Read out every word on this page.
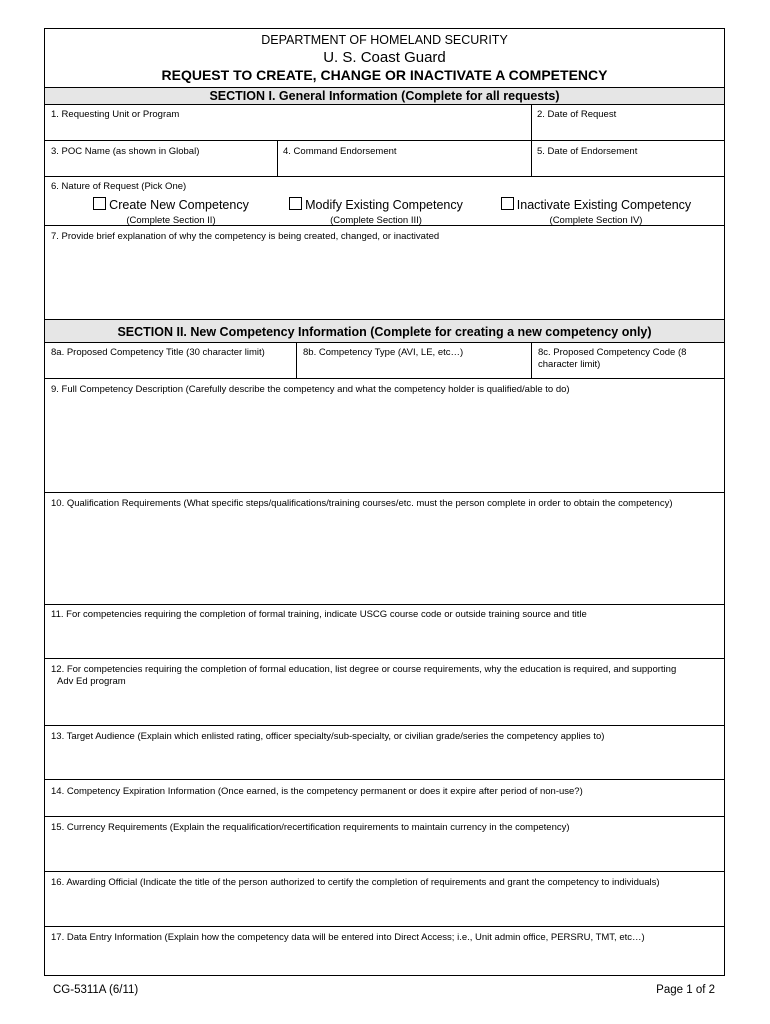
DEPARTMENT OF HOMELAND SECURITY
U. S. Coast Guard
REQUEST TO CREATE, CHANGE OR INACTIVATE A COMPETENCY
SECTION I. General Information (Complete for all requests)
1. Requesting Unit or Program	2. Date of Request
3. POC Name (as shown in Global)	4. Command Endorsement	5. Date of Endorsement
6. Nature of Request (Pick One)
Create New Competency
(Complete Section II)
Modify Existing Competency
(Complete Section III)
Inactivate Existing Competency
(Complete Section IV)
7. Provide brief explanation of why the competency is being created, changed, or inactivated
SECTION II. New Competency Information (Complete for creating a new competency only)
8a. Proposed Competency Title (30 character limit)	8b. Competency Type (AVI, LE, etc…)	8c. Proposed Competency Code (8
character limit)
9. Full Competency Description (Carefully describe the competency and what the competency holder is qualified/able to do)
10. Qualification Requirements (What specific steps/qualifications/training courses/etc. must the person complete in order to obtain the competency)
11. For competencies requiring the completion of formal training, indicate USCG course code or outside training source and title
12. For competencies requiring the completion of formal education, list degree or course requirements, why the education is required, and supporting
Adv Ed program
13. Target Audience (Explain which enlisted rating, officer specialty/sub-specialty, or civilian grade/series the competency applies to)
14. Competency Expiration Information (Once earned, is the competency permanent or does it expire after period of non-use?)
15. Currency Requirements (Explain the requalification/recertification requirements to maintain currency in the competency)
16. Awarding Official (Indicate the title of the person authorized to certify the completion of requirements and grant the competency to individuals)
17. Data Entry Information (Explain how the competency data will be entered into Direct Access; i.e., Unit admin office, PERSRU, TMT, etc…)
CG-5311A (6/11)	Page 1 of 2
